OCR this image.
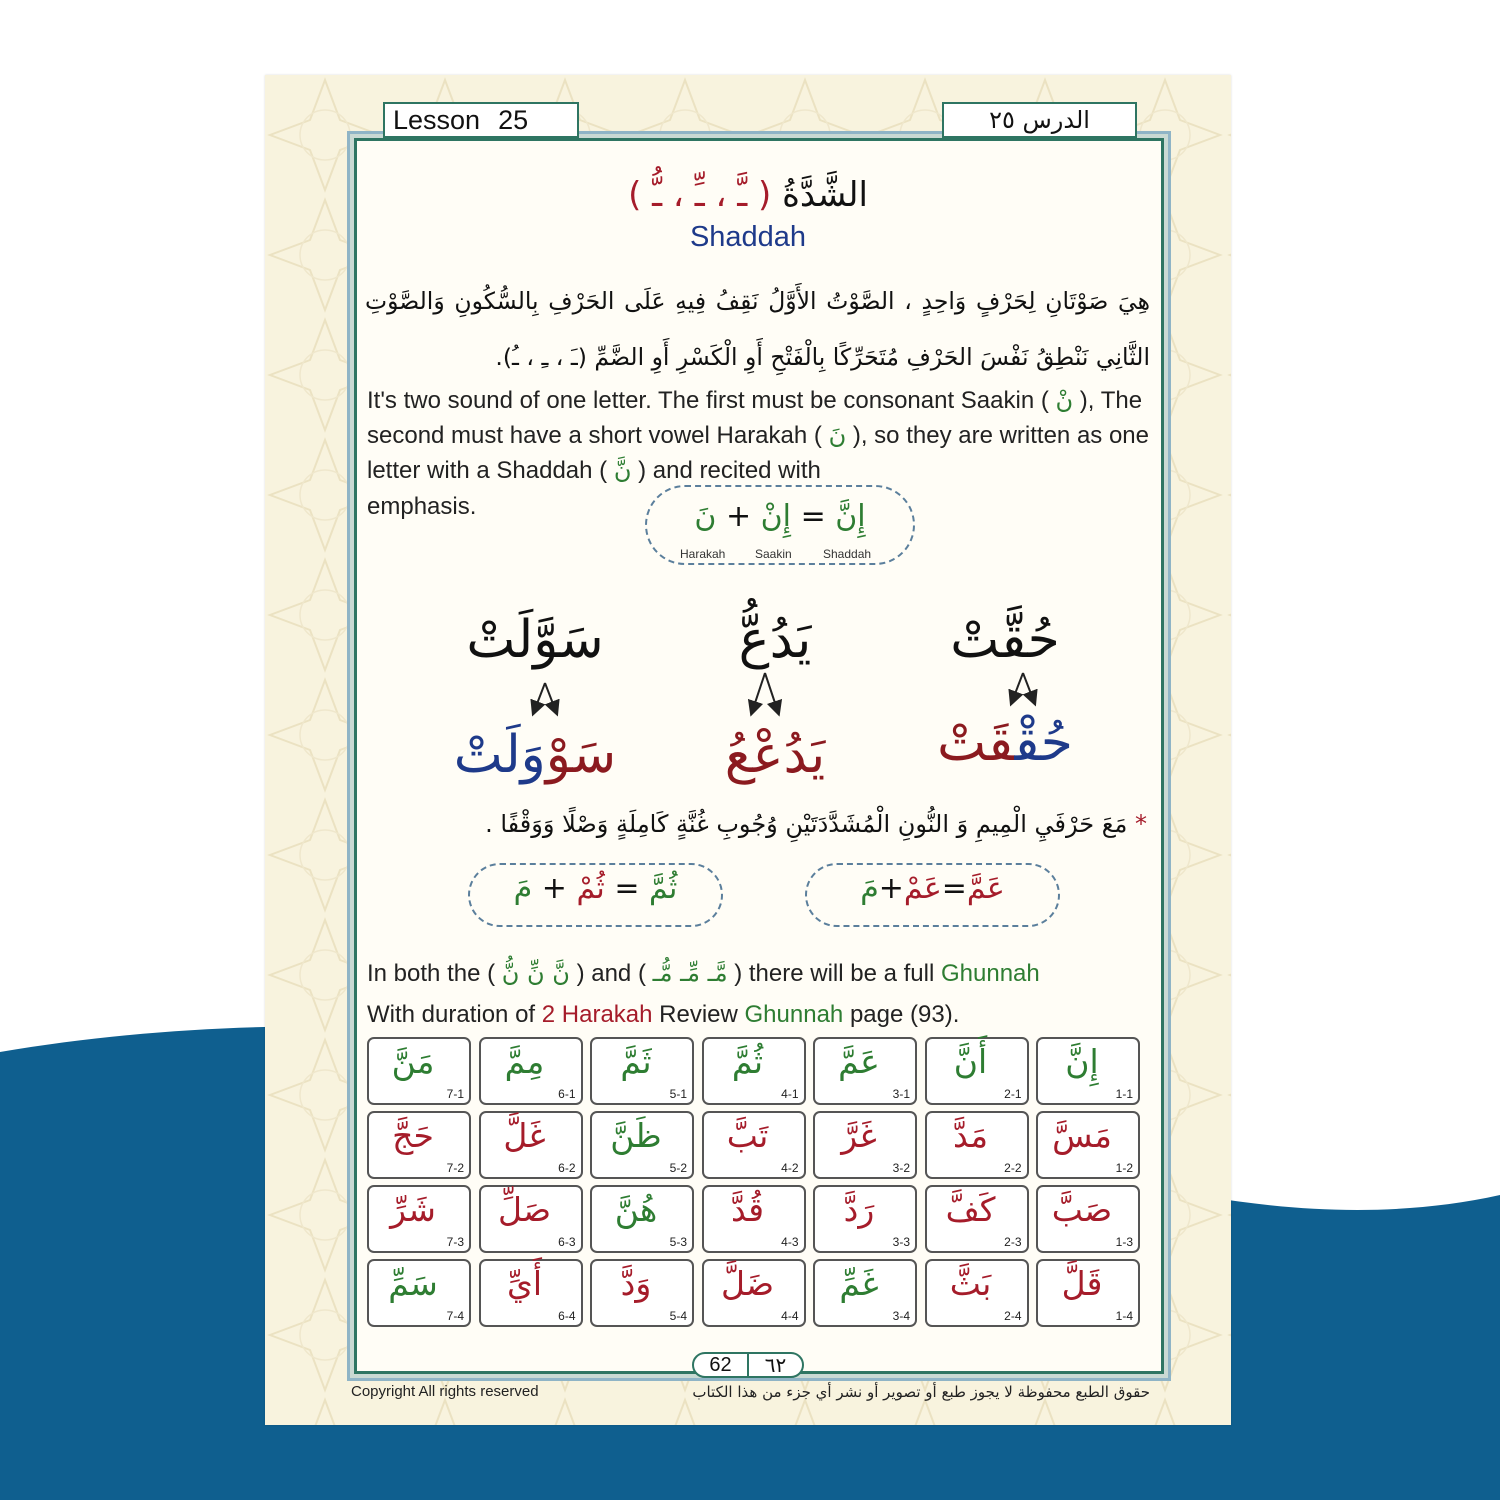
Lesson 25	الدرس ٢٥
الشَّدَّةُ ( ـَّ ، ـِّ ، ـُّ )
Shaddah
هِيَ صَوْتَانِ لِحَرْفٍ وَاحِدٍ ، الصَّوْتُ الأَوَّلُ نَقِفُ فِيهِ عَلَى الحَرْفِ بِالسُّكُونِ وَالصَّوْتِ الثَّانِي نَنْطِقُ نَفْسَ الحَرْفِ مُتَحَرِّكًا بِالْفَتْحِ أَوِ الْكَسْرِ أَوِ الضَّمِّ (ـَ ، ـِ ، ـُ).
It's two sound of one letter. The first must be consonant Saakin ( نْ ), The second must have a short vowel Harakah ( نَ ), so they are written as one letter with a Shaddah ( نَّ ) and recited with
emphasis.	إِنَّ = إِنْ + نَ
Harakah Saakin	Shaddah
حُقَّتْ
يَدُعُّ
سَوَّلَتْ
حُقْقَتْ
يَدُعْعُ
سَوْوَلَتْ
* مَعَ حَرْفَيِ الْمِيمِ وَ النُّونِ الْمُشَدَّدَتَيْنِ وُجُوبِ غُنَّةٍ كَامِلَةٍ وَصْلًا وَوَقْفًا .
عَمَّ=عَمْ+مَ
ثُمَّ = ثُمْ + مَ
In both the ( نَّ نِّ نُّ ) and ( مَّـ مِّـ مُّـ ) there will be a full Ghunnah
With duration of 2 Harakah Review Ghunnah page (93).
إِنَّ
1-1
أَنَّ
2-1
عَمَّ
3-1
ثُمَّ
4-1
ثَمَّ
5-1
مِمَّ
6-1
مَنَّ
7-1
مَسَّ
1-2
مَدَّ
2-2
غَرَّ
3-2
تَبَّ
4-2
ظَنَّ
5-2
غَلَّ
6-2
حَجَّ
7-2
صَبَّ
1-3
كَفَّ
2-3
رَدَّ
3-3
قُدَّ
4-3
هُنَّ
5-3
صَلِّ
6-3
شَرِّ
7-3
قَلَّ
1-4
بَثَّ
2-4
غَمِّ
3-4
ضَلَّ
4-4
وَدَّ
5-4
أَيِّ
6-4
سَمِّ
7-4
62	٦٢
Copyright All rights reserved	حقوق الطبع محفوظة لا يجوز طبع أو تصوير أو نشر أي جزء من هذا الكتاب
